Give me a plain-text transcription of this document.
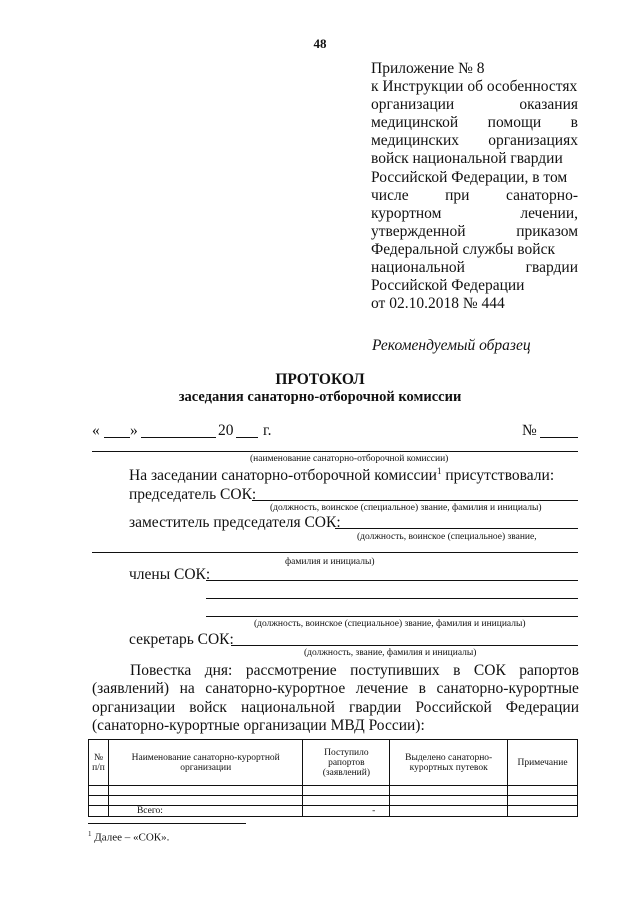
48
Приложение № 8
к Инструкции об особенностях
организации	оказания
медицинской помощи в
медицинских организациях
войск национальной гвардии
Российской Федерации, в том
числе при санаторно-
курортном	лечении,
утвержденной	приказом
Федеральной службы войск
национальной	гвардии
Российской Федерации
от 02.10.2018 № 444
Рекомендуемый образец
ПРОТОКОЛ
заседания санаторно-отборочной комиссии
« »	20 г.	№
(наименование санаторно-отборочной комиссии)
На заседании санаторно-отборочной комиссии$^1$ присутствовали:
председатель СОК:
(должность, воинское (специальное) звание, фамилия и инициалы)
заместитель председателя СОК:
(должность, воинское (специальное) звание,
фамилия и инициалы)
члены СОК:
(должность, воинское (специальное) звание, фамилия и инициалы)
секретарь СОК:
(должность, звание, фамилия и инициалы)
Повестка дня: рассмотрение поступивших в СОК рапортов
(заявлений) на санаторно-курортное лечение в санаторно-курортные
организации войск национальной гвардии Российской Федерации
(санаторно-курортные организации МВД России):
№ п/п	Наименование санаторно-курортной организации	Поступило рапортов (заявлений)	Выделено санаторно-курортных путевок	Примечание

	Всего:	-		
$^1$ Далее – «СОК».
